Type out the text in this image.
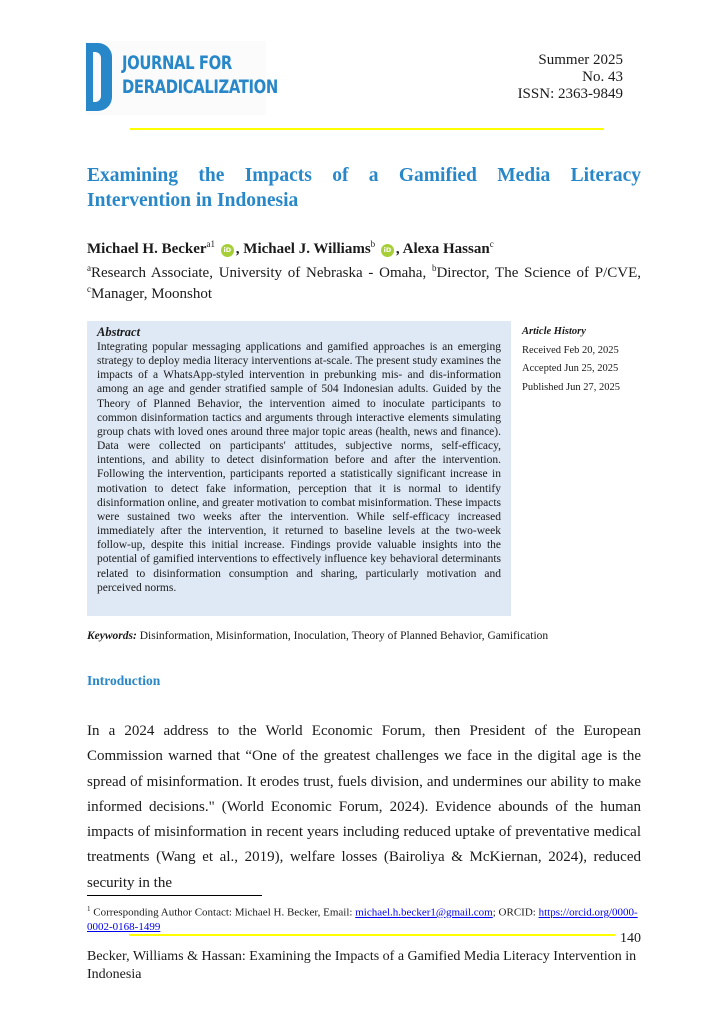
JOURNAL FOR
DERADICALIZATION
Summer 2025
No. 43
ISSN: 2363-9849
Examining the Impacts of a Gamified Media Literacy Intervention in Indonesia
Michael H. Becker$^{a1}$ iD , Michael J. Williams$^b$ iD , Alexa Hassan$^c$
$^a$Research Associate, University of Nebraska - Omaha, $^b$Director, The Science of P/CVE,
$^c$Manager, Moonshot
Abstract

Integrating popular messaging applications and gamified approaches is an emerging strategy to deploy media literacy interventions at-scale. The present study examines the impacts of a WhatsApp-styled intervention in prebunking mis- and dis-information among an age and gender stratified sample of 504 Indonesian adults. Guided by the Theory of Planned Behavior, the intervention aimed to inoculate participants to common disinformation tactics and arguments through interactive elements simulating group chats with loved ones around three major topic areas (health, news and finance). Data were collected on participants' attitudes, subjective norms, self-efficacy, intentions, and ability to detect disinformation before and after the intervention. Following the intervention, participants reported a statistically significant increase in motivation to detect fake information, perception that it is normal to identify disinformation online, and greater motivation to combat misinformation. These impacts were sustained two weeks after the intervention. While self-efficacy increased immediately after the intervention, it returned to baseline levels at the two-week follow-up, despite this initial increase. Findings provide valuable insights into the potential of gamified interventions to effectively influence key behavioral determinants related to disinformation consumption and sharing, particularly motivation and perceived norms.

Article History
Received Feb 20, 2025
Accepted Jun 25, 2025
Published Jun 27, 2025
Keywords: Disinformation, Misinformation, Inoculation, Theory of Planned Behavior, Gamification
Introduction
In a 2024 address to the World Economic Forum, then President of the European Commission warned that “One of the greatest challenges we face in the digital age is the spread of misinformation. It erodes trust, fuels division, and undermines our ability to make informed decisions." (World Economic Forum, 2024). Evidence abounds of the human impacts of misinformation in recent years including reduced uptake of preventative medical treatments (Wang et al., 2019), welfare losses (Bairoliya & McKiernan, 2024), reduced security in the
$^1$ Corresponding Author Contact: Michael H. Becker, Email: michael.h.becker1@gmail.com; ORCID: https://orcid.org/0000-0002-0168-1499
140
Becker, Williams & Hassan: Examining the Impacts of a Gamified Media Literacy Intervention in Indonesia
